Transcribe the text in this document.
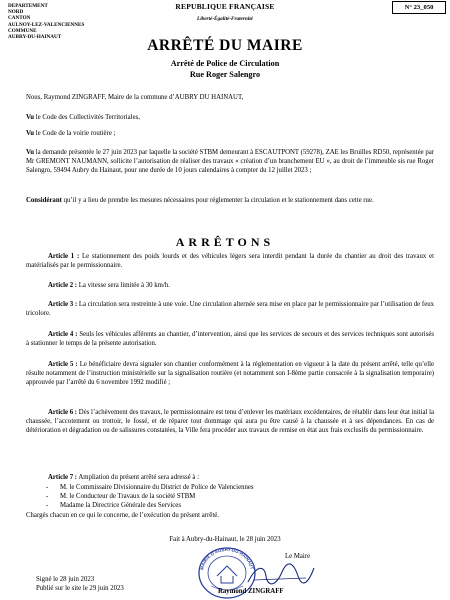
DEPARTEMENT
NORD
CANTON
AULNOY-LEZ-VALENCIENNES
COMMUNE
AUBRY-DU-HAINAUT
REPUBLIQUE FRANÇAISE
Liberté-Égalité-Fraternité
N° 23_050
ARRÊTÉ DU MAIRE
Arrêté de Police de Circulation
Rue Roger Salengro
Nous, Raymond ZINGRAFF, Maire de la commune d’AUBRY DU HAINAUT,
Vu le Code des Collectivités Territoriales,
Vu le Code de la voirie routière ;
Vu la demande présentée le 27 juin 2023 par laquelle la société STBM demeurant à ESCAUTPONT (59278), ZAE les Bruilles RD50, représentée par Mr GREMONT NAUMANN, sollicite l’autorisation de réaliser des travaux « création d’un branchement EU », au droit de l’immeuble sis rue Roger Salengro, 59494 Aubry du Hainaut, pour une durée de 10 jours calendaires à compter du 12 juillet 2023 ;
Considérant qu’il y a lieu de prendre les mesures nécessaires pour réglementer la circulation et le stationnement dans cette rue.
ARRÊTONS
Article 1 : Le stationnement des poids lourds et des véhicules légers sera interdit pendant la durée du chantier au droit des travaux et matérialisés par le permissionnaire.
Article 2 : La vitesse sera limitée à 30 km/h.
Article 3 : La circulation sera restreinte à une voie. Une circulation alternée sera mise en place par le permissionnaire par l’utilisation de feux tricolore.
Article 4 : Seuls les véhicules afférents au chantier, d’intervention, ainsi que les services de secours et des services techniques sont autorisés à stationner le temps de la présente autorisation.
Article 5 : Le bénéficiaire devra signaler son chantier conformément à la réglementation en vigueur à la date du présent arrêté, telle qu’elle résulte notamment de l’instruction ministérielle sur la signalisation routière (et notamment son I-8ème partie consacrée à la signalisation temporaire) approuvée par l’arrêté du 6 novembre 1992 modifié ;
Article 6 : Dès l’achèvement des travaux, le permissionnaire est tenu d’enlever les matériaux excédentaires, de rétablir dans leur état initial la chaussée, l’accotement ou trottoir, le fossé, et de réparer tout dommage qui aura pu être causé à la chaussée et à ses dépendances. En cas de détérioration et dégradation ou de salissures constatées, la Ville fera procéder aux travaux de remise en état aux frais exclusifs du permissionnaire.
Article 7 : Ampliation du présent arrêté sera adressé à :
- M. le Commissaire Divisionnaire du District de Police de Valenciennes
- M. le Conducteur de Travaux de la société STBM
- Madame la Directrice Générale des Services
Chargés chacun en ce qui le concerne, de l’exécution du présent arrêté.
Fait à Aubry-du-Hainaut, le 28 juin 2023
Le Maire
MAIRIE D’AUBRY-DU-HAINAUT
Raymond ZINGRAFF
Signé le 28 juin 2023
Publié sur le site le 29 juin 2023
